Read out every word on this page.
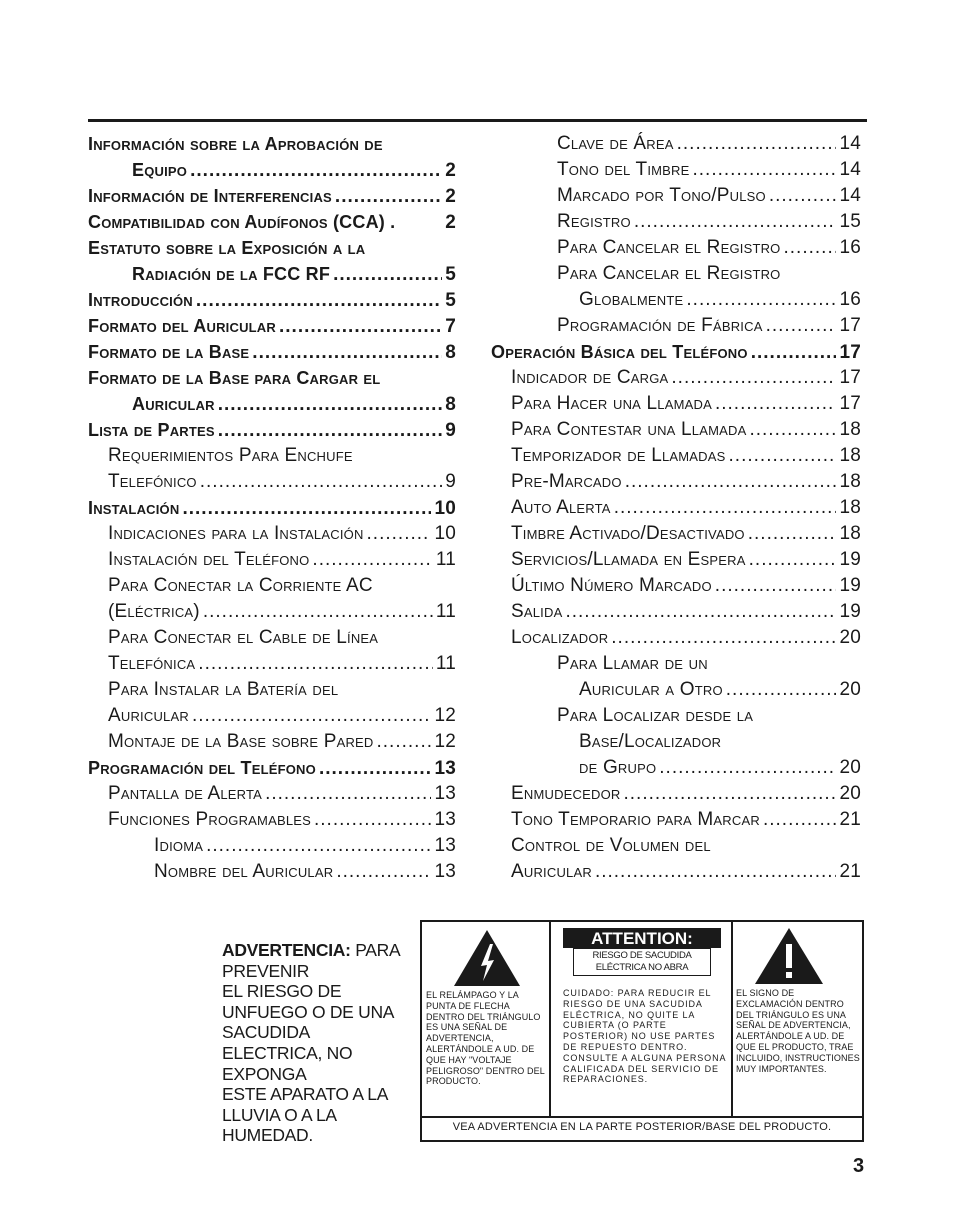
Información sobre la Aprobación de
Equipo .....	2
Información de Interferencias .....	2
Compatibilidad con Audífonos (CCA) .	2
Estatuto sobre la Exposición a la
Radiación de la FCC RF .....	5
Introducción .....	5
Formato del Auricular .....	7
Formato de la Base .....	8
Formato de la Base para Cargar el
Auricular .....	8
Lista de Partes .....	9
Requerimientos Para Enchufe
Telefónico .....	9
Instalación .....	10
Indicaciones para la Instalación .....	10
Instalación del Teléfono .....	11
Para Conectar la Corriente AC
(Eléctrica) .....	11
Para Conectar el Cable de Línea
Telefónica .....	11
Para Instalar la Batería del
Auricular .....	12
Montaje de la Base sobre Pared .....	12
Programación del Teléfono .....	13
Pantalla de Alerta .....	13
Funciones Programables .....	13
Idioma .....	13
Nombre del Auricular .....	13
Clave de Área .....	14
Tono del Timbre .....	14
Marcado por Tono/Pulso .....	14
Registro .....	15
Para Cancelar el Registro .....	16
Para Cancelar el Registro
Globalmente .....	16
Programación de Fábrica .....	17
Operación Básica del Teléfono .....	17
Indicador de Carga .....	17
Para Hacer una Llamada .....	17
Para Contestar una Llamada .....	18
Temporizador de Llamadas .....	18
Pre-Marcado .....	18
Auto Alerta .....	18
Timbre Activado/Desactivado .....	18
Servicios/Llamada en Espera .....	19
Último Número Marcado .....	19
Salida .....	19
Localizador .....	20
Para Llamar de un
Auricular a Otro .....	20
Para Localizar desde la
Base/Localizador
de Grupo .....	20
Enmudecedor .....	20
Tono Temporario para Marcar .....	21
Control de Volumen del
Auricular .....	21
ADVERTENCIA: PARA
PREVENIR
EL RIESGO DE
UNFUEGO O DE UNA
SACUDIDA
ELECTRICA, NO
EXPONGA
ESTE APARATO A LA
LLUVIA O A LA
HUMEDAD.
EL RELÁMPAGO Y LA PUNTA DE FLECHA DENTRO DEL TRIÁNGULO ES UNA SEÑAL DE ADVERTENCIA, ALERTÁNDOLE A UD. DE QUE HAY "VOLTAJE PELIGROSO" DENTRO DEL PRODUCTO.
ATTENTION:
RIESGO DE SACUDIDA
ELÉCTRICA NO ABRA
CUIDADO: PARA REDUCIR EL RIESGO DE UNA SACUDIDA ELÉCTRICA, NO QUITE LA CUBIERTA (O PARTE POSTERIOR) NO USE PARTES DE REPUESTO DENTRO. CONSULTE A ALGUNA PERSONA CALIFICADA DEL SERVICIO DE REPARACIONES.
EL SIGNO DE EXCLAMACIÓN DENTRO DEL TRIÁNGULO ES UNA SEÑAL DE ADVERTENCIA, ALERTÁNDOLE A UD. DE QUE EL PRODUCTO, TRAE INCLUIDO, INSTRUCTIONES MUY IMPORTANTES.
VEA ADVERTENCIA EN LA PARTE POSTERIOR/BASE DEL PRODUCTO.
3
